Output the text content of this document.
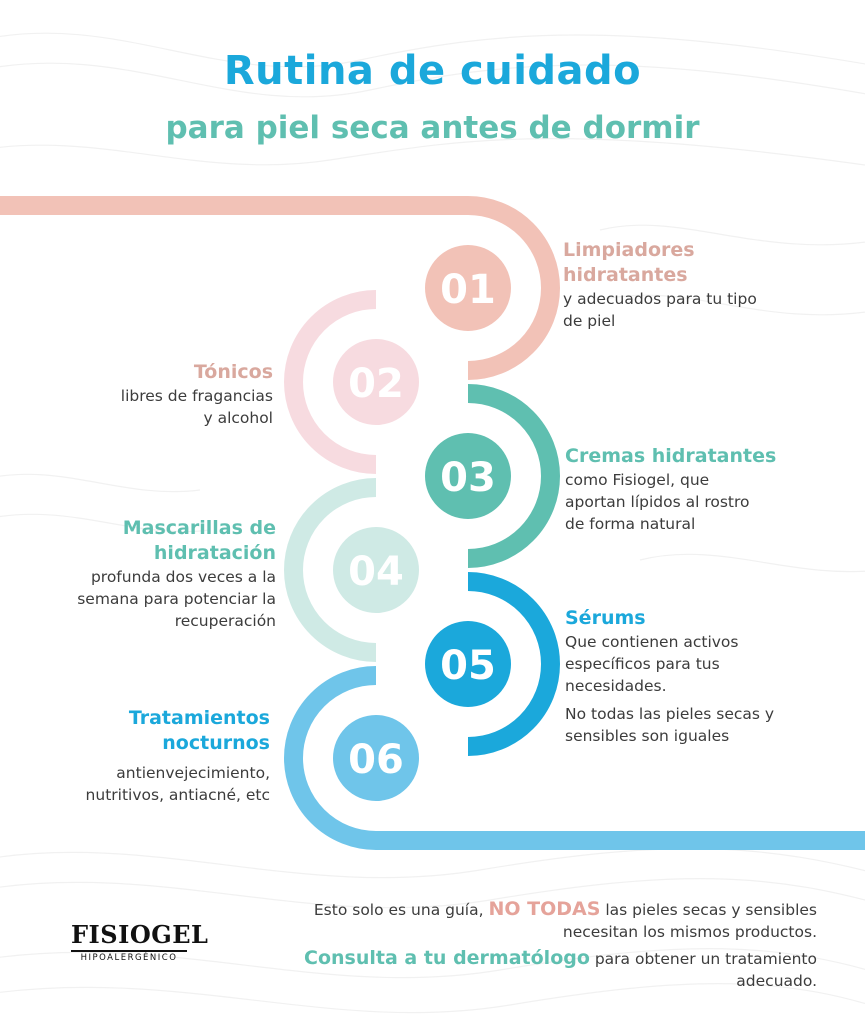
01
02
03
04
05
06
Rutina de cuidado
para piel seca antes de dormir
Limpiadores
hidratantes
y adecuados para tu tipo
de piel
Tónicos
libres de fragancias
y alcohol
Cremas hidratantes
como Fisiogel, que
aportan lípidos al rostro
de forma natural
Mascarillas de
hidratación
profunda dos veces a la
semana para potenciar la
recuperación	Sérums
Que contienen activos
específicos para tus
necesidades.
No todas las pieles secas y
sensibles son iguales
Tratamientos
nocturnos
antienvejecimiento,
nutritivos, antiacné, etc

Esto solo es una guía, NO TODAS las pieles secas y sensibles necesitan los mismos productos.

Consulta a tu dermatólogo para obtener un tratamiento adecuado.

FISIOGEL
HIPOALERGÉNICO
